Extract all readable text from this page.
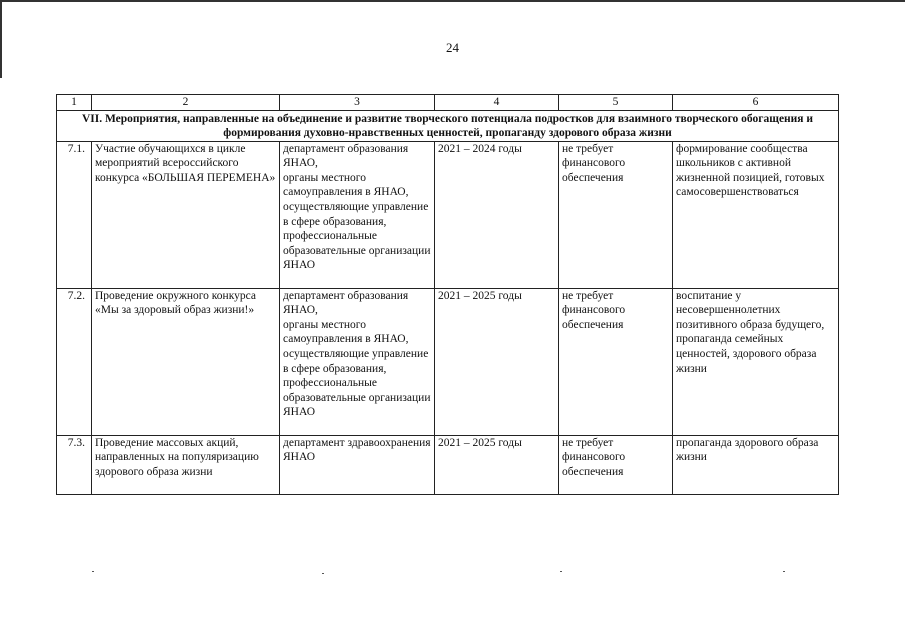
24
1	2	3	4	5	6
VII. Мероприятия, направленные на объединение и развитие творческого потенциала подростков для взаимного творческого обогащения и формирования духовно-нравственных ценностей, пропаганду здорового образа жизни					
7.1.	Участие обучающихся в цикле мероприятий всероссийского конкурса «БОЛЬШАЯ ПЕРЕМЕНА»	департамент образования ЯНАО,
органы местного самоуправления в ЯНАО, осуществляющие управление в сфере образования, профессиональные образовательные организации ЯНАО	2021 – 2024 годы	не требует финансового обеспечения	формирование сообщества школьников с активной жизненной позицией, готовых самосовершенствоваться
7.2.	Проведение окружного конкурса «Мы за здоровый образ жизни!»	департамент образования ЯНАО,
органы местного самоуправления в ЯНАО, осуществляющие управление в сфере образования, профессиональные образовательные организации ЯНАО	2021 – 2025 годы	не требует финансового обеспечения	воспитание у несовершеннолетних позитивного образа будущего, пропаганда семейных ценностей, здорового образа жизни
7.3.	Проведение массовых акций, направленных на популяризацию здорового образа жизни	департамент здравоохранения ЯНАО	2021 – 2025 годы	не требует финансового обеспечения	пропаганда здорового образа жизни
